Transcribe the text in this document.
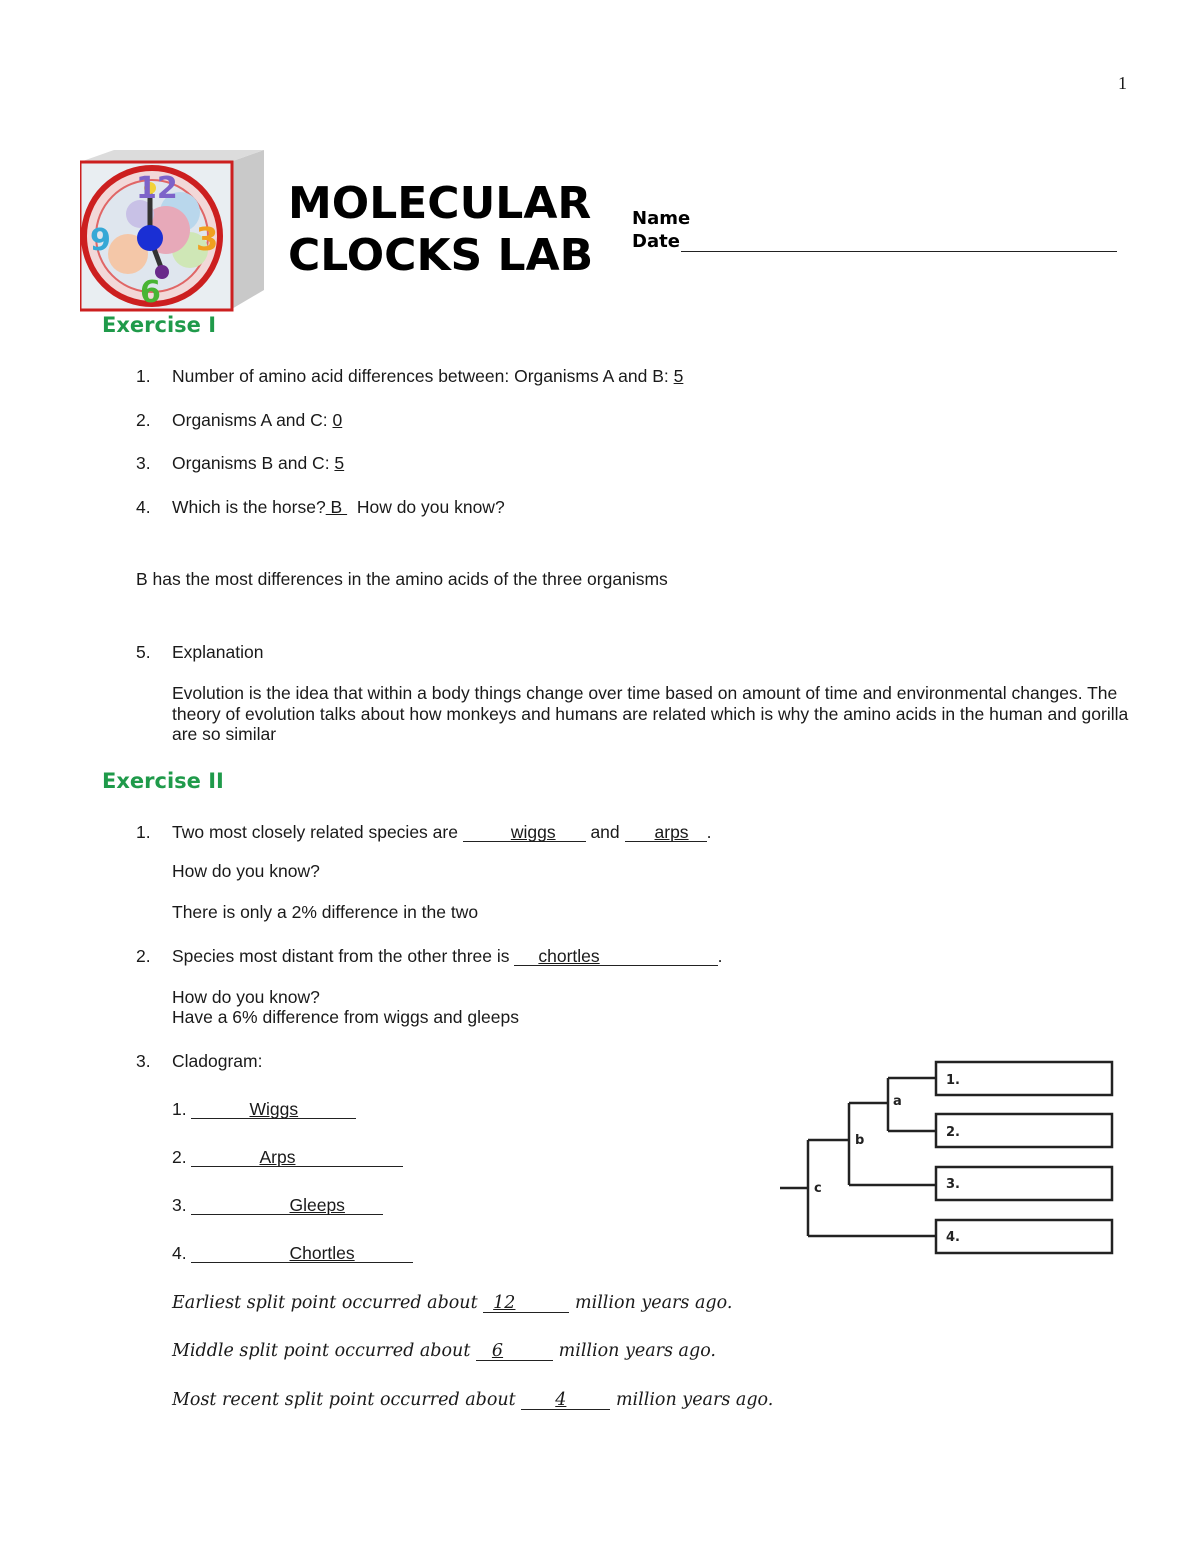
1
12
3
6
9
MOLECULAR
CLOCKS LAB
Name
Date
Exercise I
1. Number of amino acid differences between: Organisms A and B: 5
2. Organisms A and C: 0
3. Organisms B and C: 5
4. Which is the horse? B   How do you know?
B has the most differences in the amino acids of the three organisms
5. Explanation
Evolution is the idea that within a body things change over time based on amount of time and environmental changes. The theory of evolution talks about how monkeys and humans are related which is why the amino acids in the human and gorilla are so similar
Exercise II
1. Two most closely related species are	wiggs and arps .
How do you know?
There is only a 2% difference in the two
2. Species most distant from the other three is chortles	.
How do you know?
Have a 6% difference from wiggs and gleeps
3. Cladogram:
1.	Wiggs
2.	Arps
3.	Gleeps
4.	Chortles
Earliest split point occurred about 12	million years ago.
Middle split point occurred about 6	million years ago.
Most recent split point occurred about 4	million years ago.
a
b
c
1.
2.
3.
4.
